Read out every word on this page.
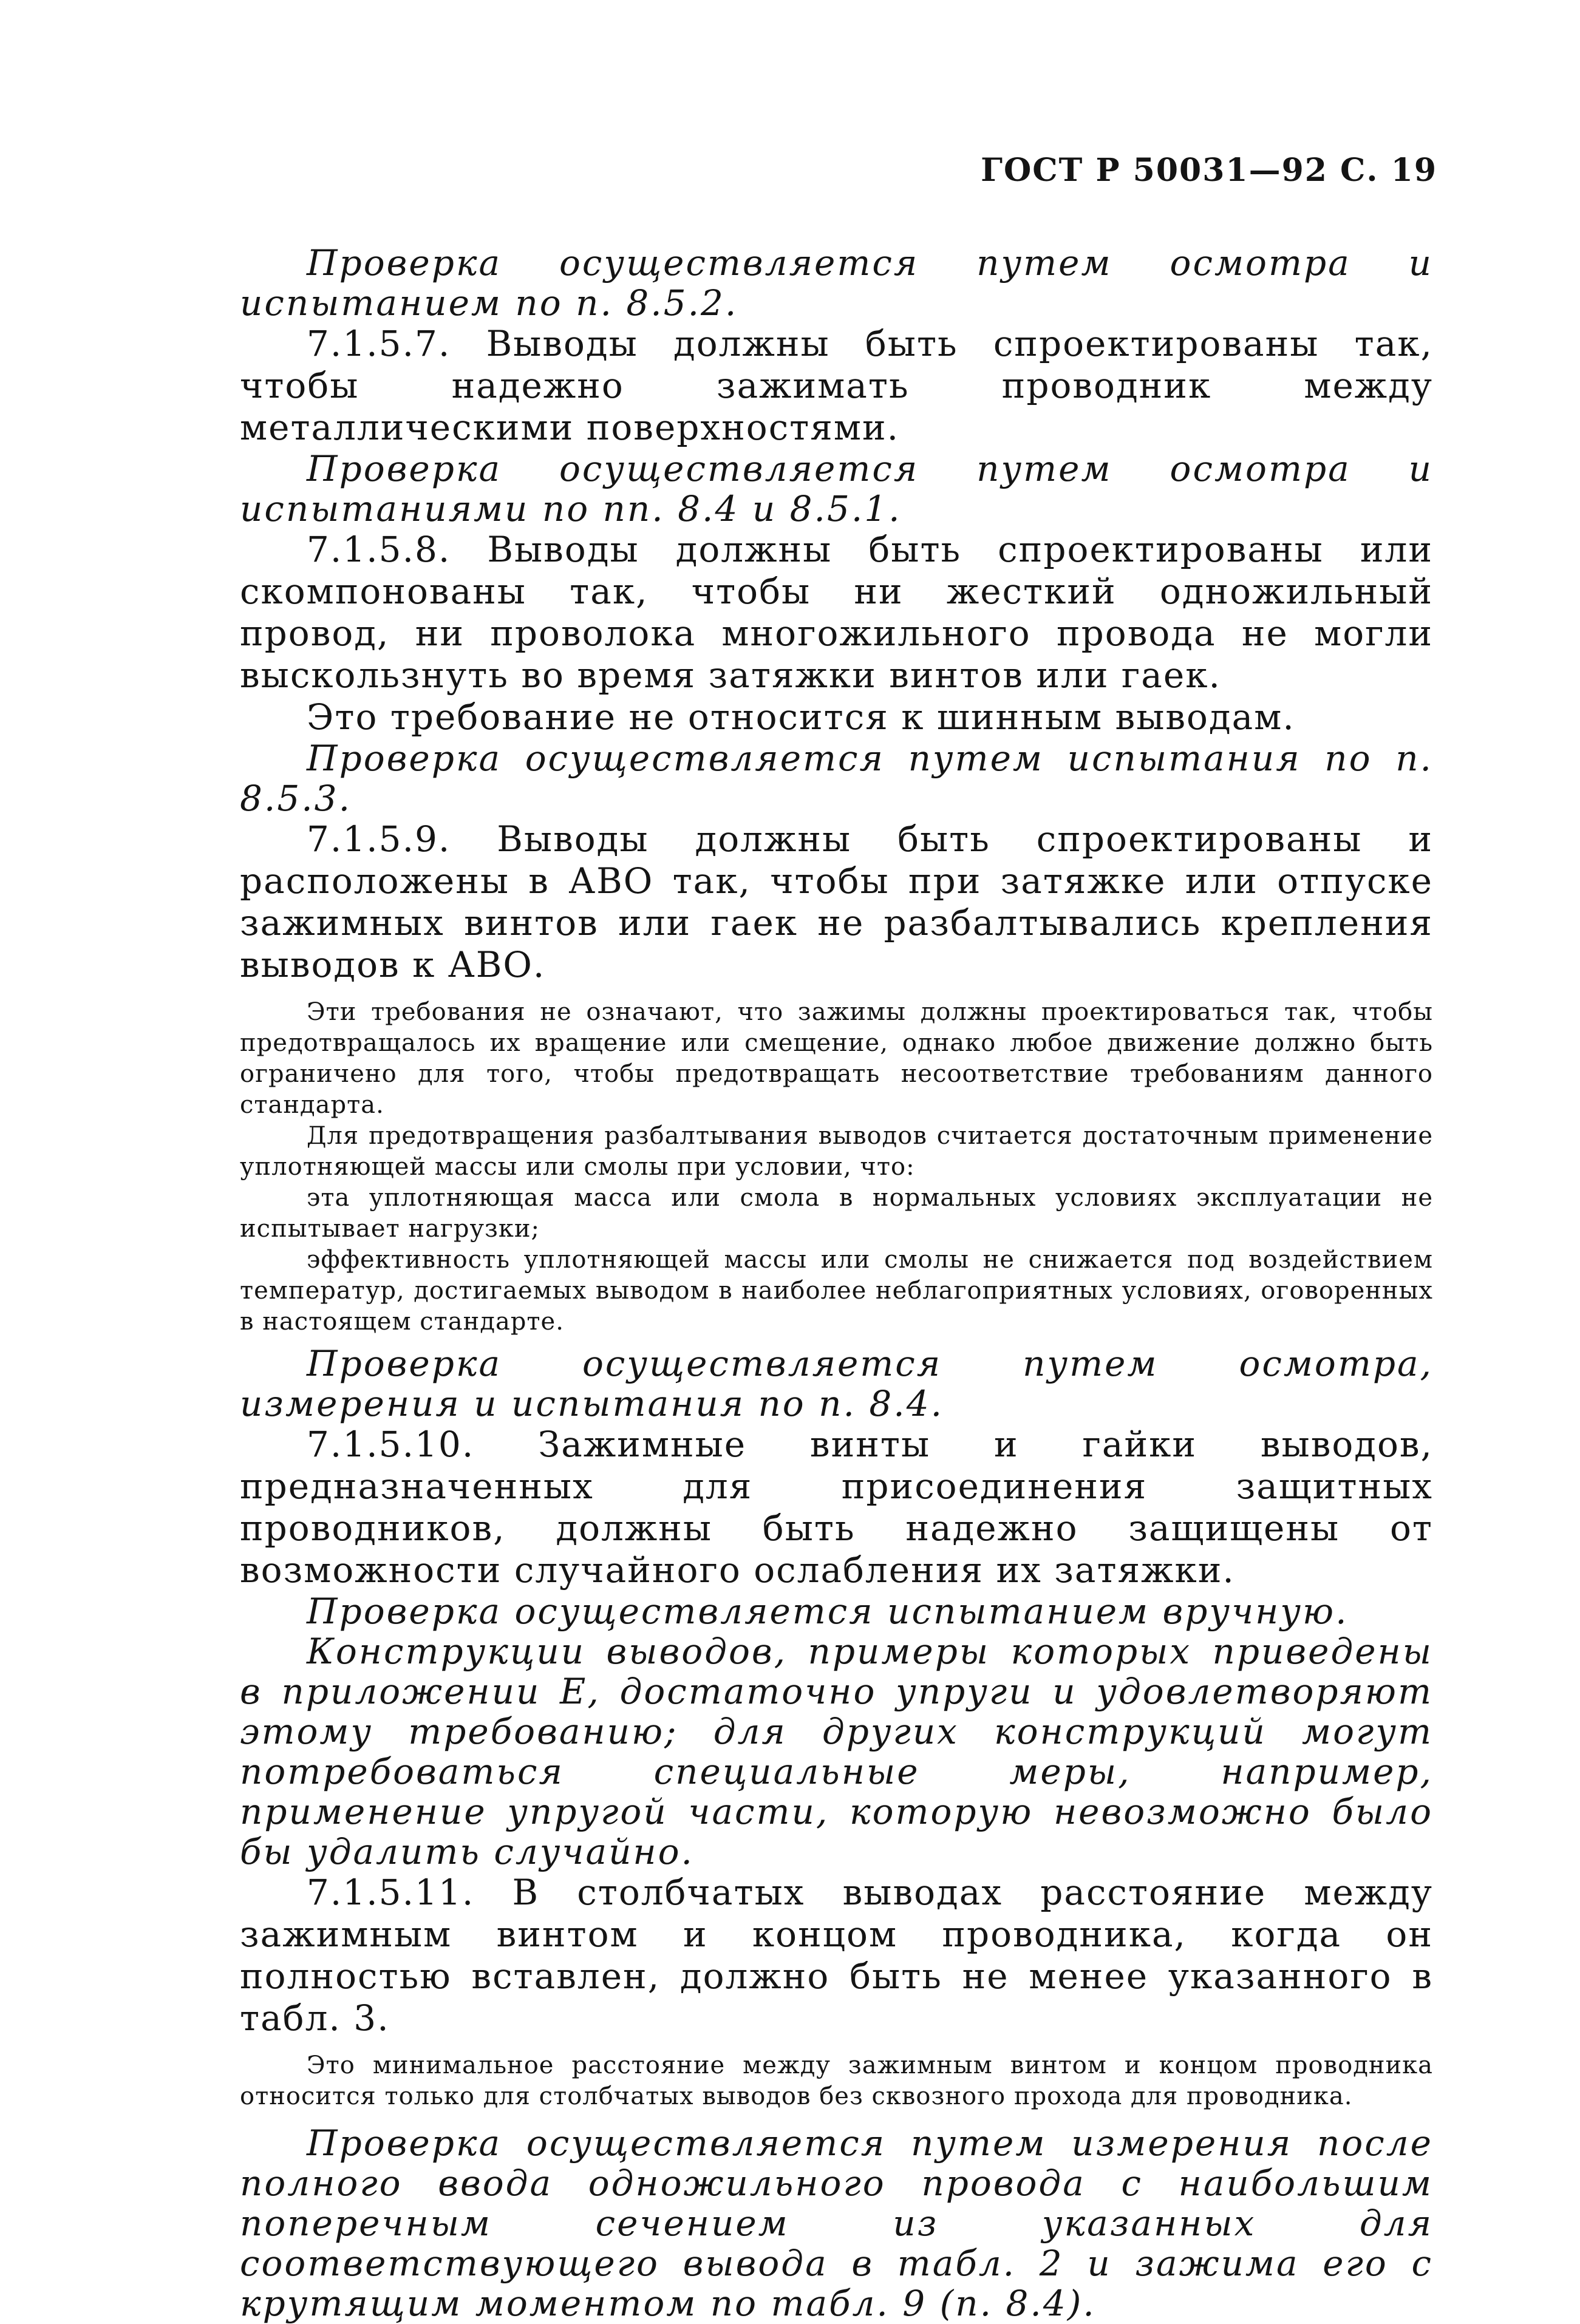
ГОСТ Р 50031—92 С. 19

Проверка осуществляется путем осмотра и испытанием по п. 8.5.2.

7.1.5.7. Выводы должны быть спроектированы так, чтобы надежно зажимать проводник между металлическими поверхностями.

Проверка осуществляется путем осмотра и испытаниями по пп. 8.4 и 8.5.1.

7.1.5.8. Выводы должны быть спроектированы или скомпонованы так, чтобы ни жесткий одножильный провод, ни проволока многожильного провода не могли выскользнуть во время затяжки винтов или гаек.

Это требование не относится к шинным выводам.

Проверка осуществляется путем испытания по п. 8.5.3.

7.1.5.9. Выводы должны быть спроектированы и расположены в АВО так, чтобы при затяжке или отпуске зажимных винтов или гаек не разбалтывались крепления выводов к АВО.

Эти требования не означают, что зажимы должны проектироваться так, чтобы предотвращалось их вращение или смещение, однако любое движение должно быть ограничено для того, чтобы предотвращать несоответствие требованиям данного стандарта.

Для предотвращения разбалтывания выводов считается достаточным применение уплотняющей массы или смолы при условии, что:

эта уплотняющая масса или смола в нормальных условиях эксплуатации не испытывает нагрузки;

эффективность уплотняющей массы или смолы не снижается под воздействием температур, достигаемых выводом в наиболее неблагоприятных условиях, оговоренных в настоящем стандарте.

Проверка осуществляется путем осмотра, измерения и испытания по п. 8.4.

7.1.5.10. Зажимные винты и гайки выводов, предназначенных для присоединения защитных проводников, должны быть надежно защищены от возможности случайного ослабления их затяжки.

Проверка осуществляется испытанием вручную.

Конструкции выводов, примеры которых приведены в приложении Е, достаточно упруги и удовлетворяют этому требованию; для других конструкций могут потребоваться специальные меры, например, применение упругой части, которую невозможно было бы удалить случайно.

7.1.5.11. В столбчатых выводах расстояние между зажимным винтом и концом проводника, когда он полностью вставлен, должно быть не менее указанного в табл. 3.

Это минимальное расстояние между зажимным винтом и концом проводника относится только для столбчатых выводов без сквозного прохода для проводника.

Проверка осуществляется путем измерения после полного ввода одножильного провода с наибольшим поперечным сечением из указанных для соответствующего вывода в табл. 2 и зажима его с крутящим моментом по табл. 9 (п. 8.4).
